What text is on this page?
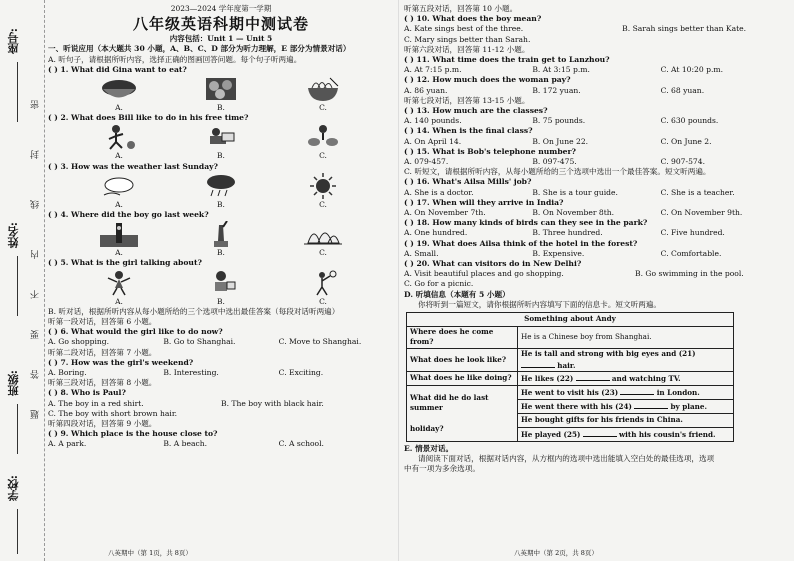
座号:
姓名:
班级:
学校:
密
封
线
内
不
要
答
题
2023—2024 学年度第一学期
八年级英语科期中测试卷
内容包括：Unit 1 — Unit 5
一、听说应用（本大题共 30 小题，A、B、C、D 部分为听力理解，E 部分为情景对话）
A. 听句子，请根据所听内容，选择正确的图画回答问题。每个句子听两遍。
( ) 1. What did Gina want to eat?
A.	B.	C.
( ) 2. What does Bill like to do in his free time?
A.	B.	C.
( ) 3. How was the weather last Sunday?
A.	B.	C.
( ) 4. Where did the boy go last week?
A.	B.	C.
( ) 5. What is the girl talking about?
A.	B.	C.
B. 听对话，根据所听内容从每小题所给的三个选项中选出最佳答案（每段对话听两遍）
听第一段对话，回答第 6 小题。
( ) 6. What would the girl like to do now?
A. Go shopping.	B. Go to Shanghai.	C. Move to Shanghai.
听第二段对话，回答第 7 小题。
( ) 7. How was the girl's weekend?
A. Boring.	B. Interesting.	C. Exciting.
听第三段对话，回答第 8 小题。
( ) 8. Who is Paul?
A. The boy in a red shirt.	B. The boy with black hair.
C. The boy with short brown hair.
听第四段对话，回答第 9 小题。
( ) 9. Which place is the house close to?
A. A park.	B. A beach.	C. A school.
八英期中（第 1页，共 8页）
听第五段对话，回答第 10 小题。
( ) 10. What does the boy mean?
A. Kate sings best of the three.	B. Sarah sings better than Kate.
C. Mary sings better than Sarah.
听第六段对话，回答第 11-12 小题。
( ) 11. What time does the train get to Lanzhou?
A. At 7:15 p.m.	B. At 3:15 p.m.	C. At 10:20 p.m.
( ) 12. How much does the woman pay?
A. 86 yuan.	B. 172 yuan.	C. 68 yuan.
听第七段对话，回答第 13-15 小题。
( ) 13. How much are the classes?
A. 140 pounds.	B. 75 pounds.	C. 630 pounds.
( ) 14. When is the final class?
A. On April 14.	B. On June 22.	C. On June 2.
( ) 15. What is Bob's telephone number?
A. 079-457.	B. 097-475.	C. 907-574.
C. 听短文，请根据所听内容，从每小题所给的三个选项中选出一个最佳答案。短文听两遍。
( ) 16. What's Ailsa Mills' job?
A. She is a doctor.	B. She is a tour guide.	C. She is a teacher.
( ) 17. When will they arrive in India?
A. On November 7th.	B. On November 8th.	C. On November 9th.
( ) 18. How many kinds of birds can they see in the park?
A. One hundred.	B. Three hundred.	C. Five hundred.
( ) 19. What does Ailsa think of the hotel in the forest?
A. Small.	B. Expensive.	C. Comfortable.
( ) 20. What can visitors do in New Delhi?
A. Visit beautiful places and go shopping.	B. Go swimming in the pool.
C. Go for a picnic.
D. 听填信息（本题有 5 小题）
你将听到一篇短文，请你根据所听内容填写下面的信息卡。短文听两遍。
Something about Andy	
Where does he come from?	He is a Chinese boy from Shanghai.
What does he look like?	He is tall and strong with big eyes and (21)  hair.
What does he like doing?	He likes (22) and watching TV.
What did he do last summer

holiday?	He went to visit his (23) in London.
	He went there with his (24) by plane.
	He bought gifts for his friends in China.
	He played (25) with his cousin's friend.
E. 情景对话。
请阅读下面对话，根据对话内容，从方框内的选项中选出能填入空白处的最佳选项，选项
中有一项为多余选项。
八英期中（第 2页，共 8页）
